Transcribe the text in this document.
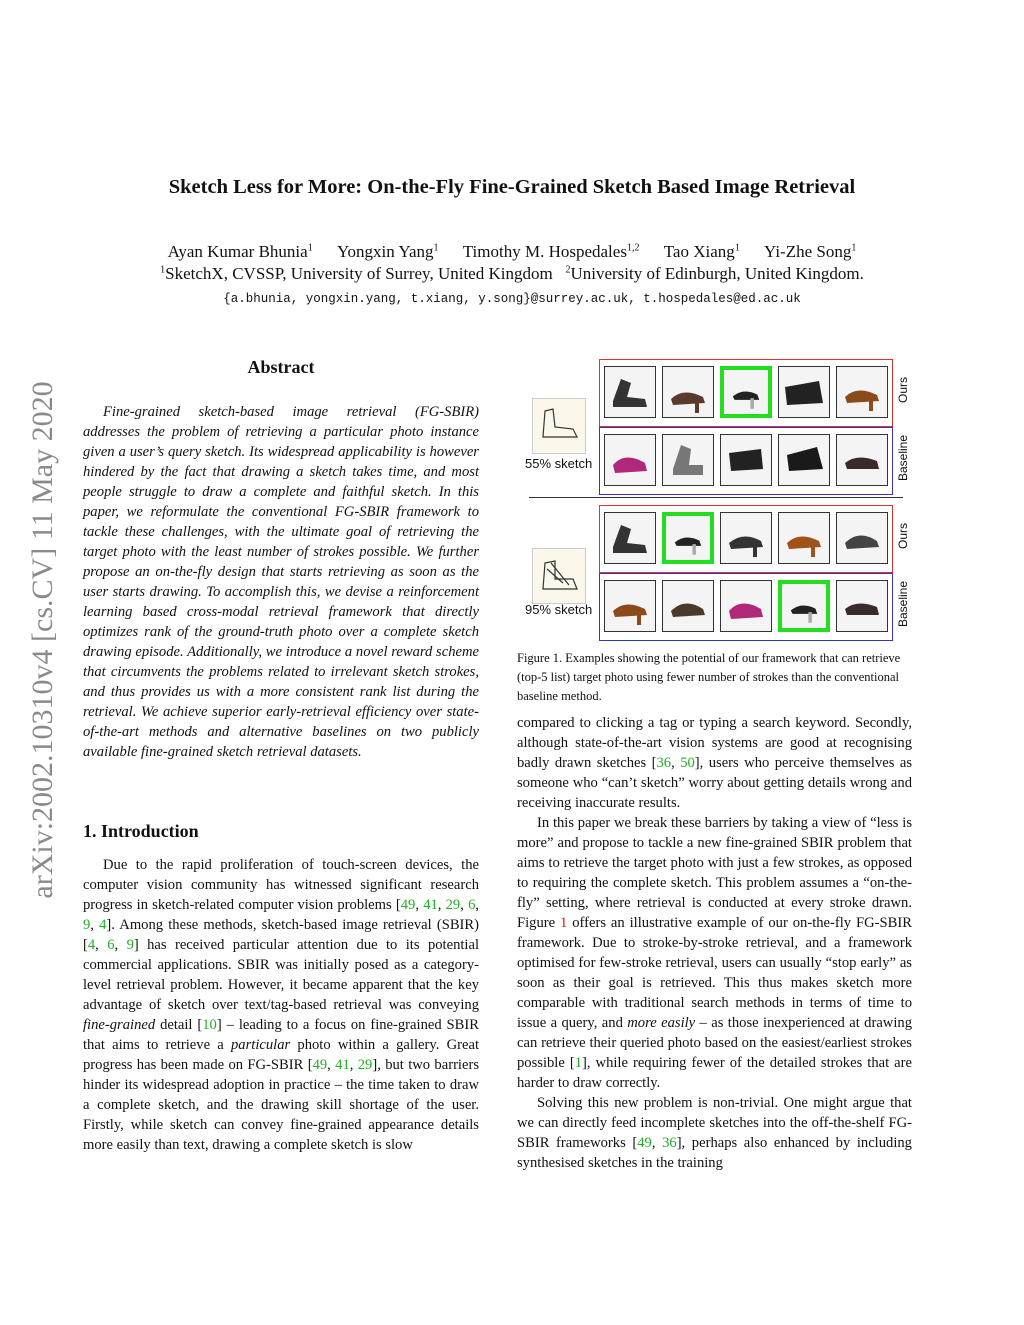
arXiv:2002.10310v4 [cs.CV] 11 May 2020
Sketch Less for More: On-the-Fly Fine-Grained Sketch Based Image Retrieval
Ayan Kumar Bhunia$^1$ Yongxin Yang$^1$ Timothy M. Hospedales$^{1,2}$ Tao Xiang$^1$ Yi-Zhe Song$^1$
$^1$SketchX, CVSSP, University of Surrey, United Kingdom $^2$University of Edinburgh, United Kingdom.
{a.bhunia, yongxin.yang, t.xiang, y.song}@surrey.ac.uk, t.hospedales@ed.ac.uk
Abstract
Fine-grained sketch-based image retrieval (FG-SBIR) addresses the problem of retrieving a particular photo instance given a user’s query sketch. Its widespread applicability is however hindered by the fact that drawing a sketch takes time, and most people struggle to draw a complete and faithful sketch. In this paper, we reformulate the conventional FG-SBIR framework to tackle these challenges, with the ultimate goal of retrieving the target photo with the least number of strokes possible. We further propose an on-the-fly design that starts retrieving as soon as the user starts drawing. To accomplish this, we devise a reinforcement learning based cross-modal retrieval framework that directly optimizes rank of the ground-truth photo over a complete sketch drawing episode. Additionally, we introduce a novel reward scheme that circumvents the problems related to irrelevant sketch strokes, and thus provides us with a more consistent rank list during the retrieval. We achieve superior early-retrieval efficiency over state-of-the-art methods and alternative baselines on two publicly available fine-grained sketch retrieval datasets.
1. Introduction
Due to the rapid proliferation of touch-screen devices, the computer vision community has witnessed significant research progress in sketch-related computer vision problems [49, 41, 29, 6, 9, 4]. Among these methods, sketch-based image retrieval (SBIR) [4, 6, 9] has received particular attention due to its potential commercial applications. SBIR was initially posed as a category-level retrieval problem. However, it became apparent that the key advantage of sketch over text/tag-based retrieval was conveying fine-grained detail [10] – leading to a focus on fine-grained SBIR that aims to retrieve a particular photo within a gallery. Great progress has been made on FG-SBIR [49, 41, 29], but two barriers hinder its widespread adoption in practice – the time taken to draw a complete sketch, and the drawing skill shortage of the user. Firstly, while sketch can convey fine-grained appearance details more easily than text, drawing a complete sketch is slow
55% sketch
Ours
Baseline
95% sketch
Ours
Baseline
Figure 1. Examples showing the potential of our framework that can retrieve (top-5 list) target photo using fewer number of strokes than the conventional baseline method.

compared to clicking a tag or typing a search keyword. Secondly, although state-of-the-art vision systems are good at recognising badly drawn sketches [36, 50], users who perceive themselves as someone who “can’t sketch” worry about getting details wrong and receiving inaccurate results.

In this paper we break these barriers by taking a view of “less is more” and propose to tackle a new fine-grained SBIR problem that aims to retrieve the target photo with just a few strokes, as opposed to requiring the complete sketch. This problem assumes a “on-the-fly” setting, where retrieval is conducted at every stroke drawn. Figure 1 offers an illustrative example of our on-the-fly FG-SBIR framework. Due to stroke-by-stroke retrieval, and a framework optimised for few-stroke retrieval, users can usually “stop early” as soon as their goal is retrieved. This thus makes sketch more comparable with traditional search methods in terms of time to issue a query, and more easily – as those inexperienced at drawing can retrieve their queried photo based on the easiest/earliest strokes possible [1], while requiring fewer of the detailed strokes that are harder to draw correctly.

Solving this new problem is non-trivial. One might argue that we can directly feed incomplete sketches into the off-the-shelf FG-SBIR frameworks [49, 36], perhaps also enhanced by including synthesised sketches in the training
